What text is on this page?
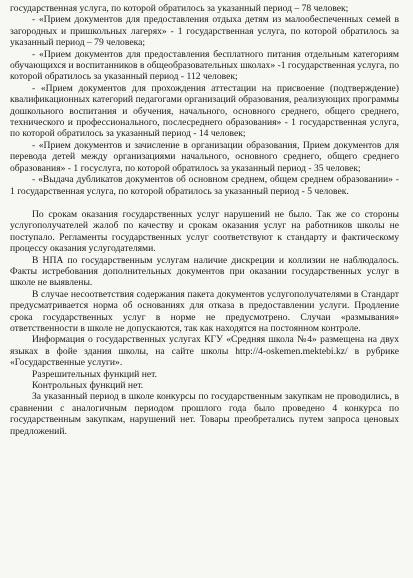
государственная услуга, по которой обратилось за указанный период – 78 человек;

- «Прием документов для предоставления отдыха детям из малообеспеченных семей в загородных и пришкольных лагерях» - 1 государственная услуга, по которой обратилось за указанный период – 79 человека;

- «Прием документов для предоставления бесплатного питания отдельным категориям обучающихся и воспитанников в общеобразовательных школах» -1 государственная услуга, по которой обратилось за указанный период - 112 человек;

- «Прием документов для прохождения аттестации на присвоение (подтверждение) квалификационных категорий педагогами организаций образования, реализующих программы дошкольного воспитания и обучения, начального, основного среднего, общего среднего, технического и профессионального, послесреднего образования» - 1 государственная услуга, по которой обратилось за указанный период - 14 человек;

- «Прием документов и зачисление в организации образования, Прием документов для перевода детей между организациями начального, основного среднего, общего среднего образования» - 1 госуслуга, по которой обратилось за указанный период - 35 человек;

- «Выдача дубликатов документов об основном среднем, общем среднем образовании» - 1 государственная услуга, по которой обратилось за указанный период - 5 человек.

По срокам оказания государственных услуг нарушений не было. Так же со стороны услугополучателей жалоб по качеству и срокам оказания услуг на работников школы не поступало. Регламенты государственных услуг соответствуют к стандарту и фактическому процессу оказания услугодателями.

В НПА по государственным услугам наличие дискреции и коллизии не наблюдалось. Факты истребования дополнительных документов при оказании государственных услуг в школе не выявлены.

В случае несоответствия содержания пакета документов услугополучателями в Стандарт предусматривается норма об основаниях для отказа в предоставлении услуги. Продление срока государственных услуг в норме не предусмотрено. Случаи «размывания» ответственности в школе не допускаются, так как находятся на постоянном контроле.

Информация о государственных услугах КГУ «Средняя школа №4» размещена на двух языках в фойе здания школы, на сайте школы http://4-oskemen.mektebi.kz/ в рубрике «Государственные услуги».

Разрешительных функций нет.

Контрольных функций нет.

За указанный период в школе конкурсы по государственным закупкам не проводились, в сравнении с аналогичным периодом прошлого года было проведено 4 конкурса по государственным закупкам, нарушений нет. Товары преобретались путем запроса ценовых предложений.
